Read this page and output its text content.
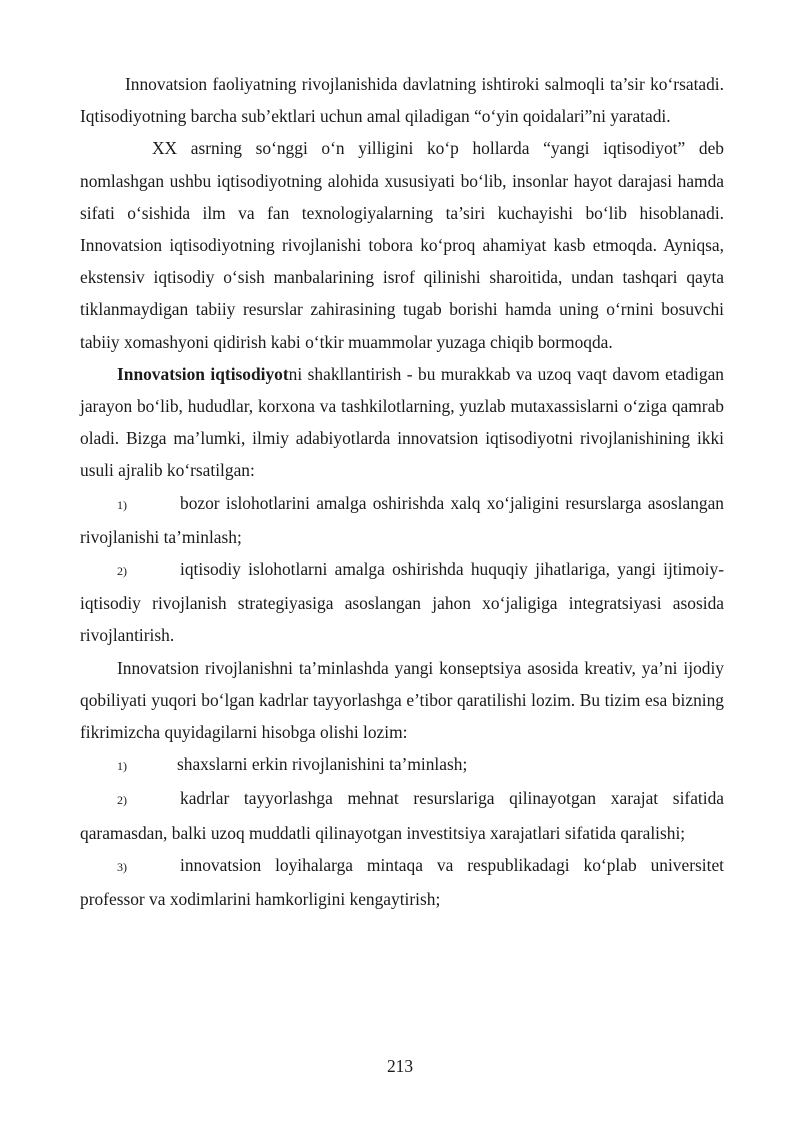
Innovatsion faoliyatning rivojlanishida davlatning ishtiroki salmoqli ta’sir ko‘rsatadi. Iqtisodiyotning barcha sub’ektlari uchun amal qiladigan “o‘yin qoidalari”ni yaratadi.

XX asrning so‘nggi o‘n yilligini ko‘p hollarda “yangi iqtisodiyot” deb nomlashgan ushbu iqtisodiyotning alohida xususiyati bo‘lib, insonlar hayot darajasi hamda sifati o‘sishida ilm va fan texnologiyalarning ta’siri kuchayishi bo‘lib hisoblanadi. Innovatsion iqtisodiyotning rivojlanishi tobora ko‘proq ahamiyat kasb etmoqda. Ayniqsa, ekstensiv iqtisodiy o‘sish manbalarining isrof qilinishi sharoitida, undan tashqari qayta tiklanmaydigan tabiiy resurslar zahirasining tugab borishi hamda uning o‘rnini bosuvchi tabiiy xomashyoni qidirish kabi o‘tkir muammolar yuzaga chiqib bormoqda.

Innovatsion iqtisodiyotni shakllantirish - bu murakkab va uzoq vaqt davom etadigan jarayon bo‘lib, hududlar, korxona va tashkilotlarning, yuzlab mutaxassislarni o‘ziga qamrab oladi. Bizga ma’lumki, ilmiy adabiyotlarda innovatsion iqtisodiyotni rivojlanishining ikki usuli ajralib ko‘rsatilgan:

1)	bozor islohotlarini amalga oshirishda xalq xo‘jaligini resurslarga asoslangan rivojlanishi ta’minlash;

2)	iqtisodiy islohotlarni amalga oshirishda huquqiy jihatlariga, yangi ijtimoiy- iqtisodiy rivojlanish strategiyasiga asoslangan jahon xo‘jaligiga integratsiyasi asosida rivojlantirish.

Innovatsion rivojlanishni ta’minlashda yangi konseptsiya asosida kreativ, ya’ni ijodiy qobiliyati yuqori bo‘lgan kadrlar tayyorlashga e’tibor qaratilishi lozim. Bu tizim esa bizning fikrimizcha quyidagilarni hisobga olishi lozim:

1)	shaxslarni erkin rivojlanishini ta’minlash;

2)	kadrlar tayyorlashga mehnat resurslariga qilinayotgan xarajat sifatida qaramasdan, balki uzoq muddatli qilinayotgan investitsiya xarajatlari sifatida qaralishi;

3)	innovatsion loyihalarga mintaqa va respublikadagi ko‘plab universitet professor va xodimlarini hamkorligini kengaytirish;

213
